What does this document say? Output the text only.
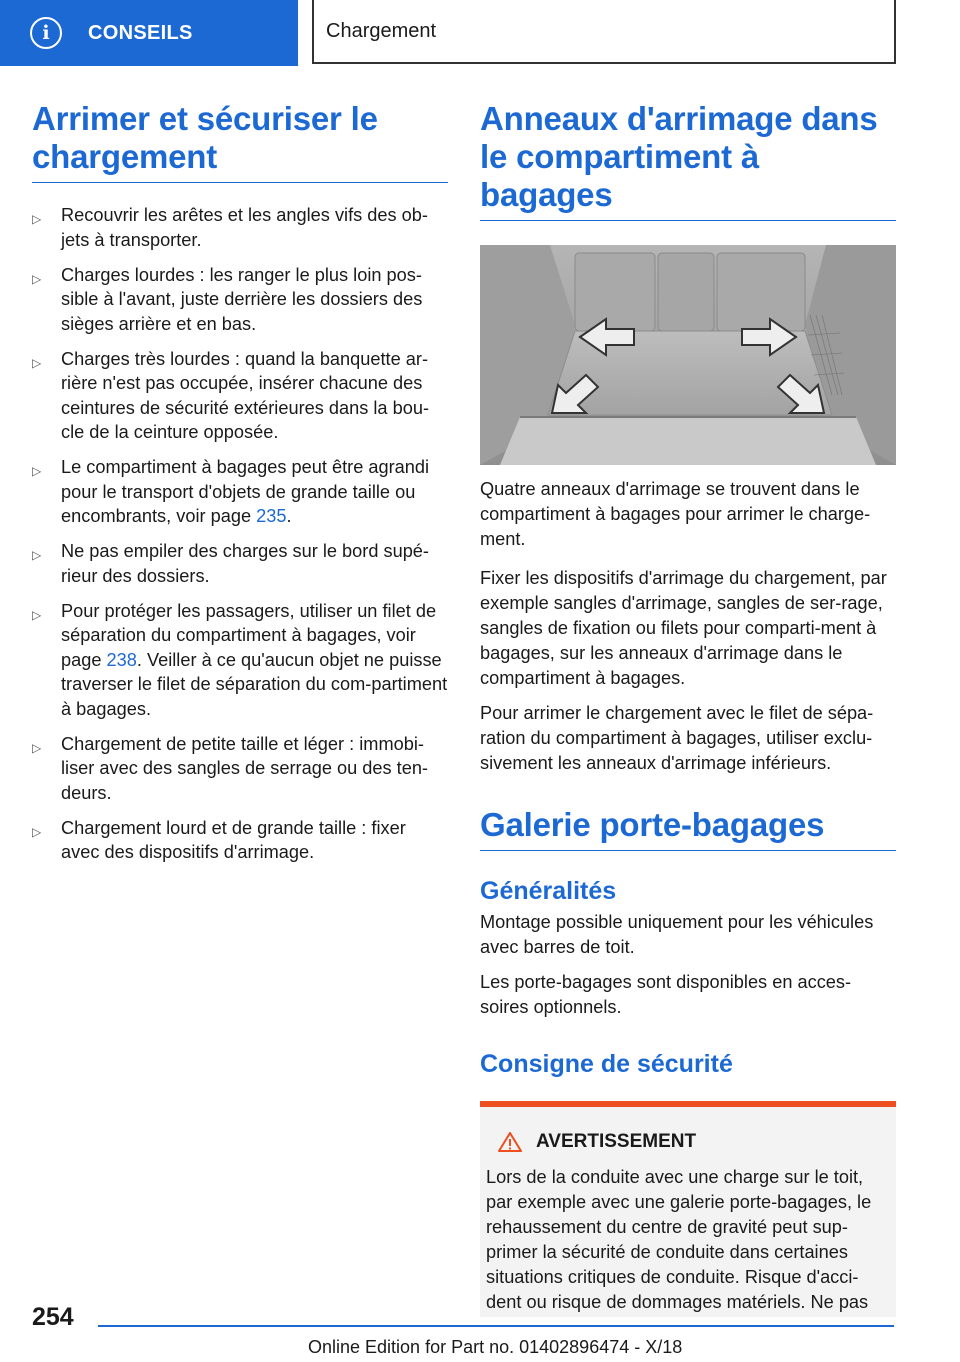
i	CONSEILS	Chargement
Arrimer et sécuriser le chargement
▷ Recouvrir les arêtes et les angles vifs des ob-jets à transporter.
▷ Charges lourdes : les ranger le plus loin pos-sible à l'avant, juste derrière les dossiers des sièges arrière et en bas.
▷ Charges très lourdes : quand la banquette ar-rière n'est pas occupée, insérer chacune des ceintures de sécurité extérieures dans la bou-cle de la ceinture opposée.
▷ Le compartiment à bagages peut être agrandi pour le transport d'objets de grande taille ou encombrants, voir page 235.
▷ Ne pas empiler des charges sur le bord supé-rieur des dossiers.
▷ Pour protéger les passagers, utiliser un filet de séparation du compartiment à bagages, voir page 238. Veiller à ce qu'aucun objet ne puisse traverser le filet de séparation du com-partiment à bagages.
▷ Chargement de petite taille et léger : immobi-liser avec des sangles de serrage ou des ten-deurs.
▷ Chargement lourd et de grande taille : fixer avec des dispositifs d'arrimage.
Anneaux d'arrimage dans le compartiment à bagages

Quatre anneaux d'arrimage se trouvent dans le compartiment à bagages pour arrimer le charge-ment.

Fixer les dispositifs d'arrimage du chargement, par exemple sangles d'arrimage, sangles de ser-rage, sangles de fixation ou filets pour comparti-ment à bagages, sur les anneaux d'arrimage dans le compartiment à bagages.

Pour arrimer le chargement avec le filet de sépa-ration du compartiment à bagages, utiliser exclu-sivement les anneaux d'arrimage inférieurs.

Galerie porte-bagages
Généralités

Montage possible uniquement pour les véhicules avec barres de toit.

Les porte-bagages sont disponibles en acces-soires optionnels.

Consigne de sécurité
AVERTISSEMENT

Lors de la conduite avec une charge sur le toit, par exemple avec une galerie porte-bagages, le rehaussement du centre de gravité peut sup-primer la sécurité de conduite dans certaines situations critiques de conduite. Risque d'acci-dent ou risque de dommages matériels. Ne pas

254
Online Edition for Part no. 01402896474 - X/18
